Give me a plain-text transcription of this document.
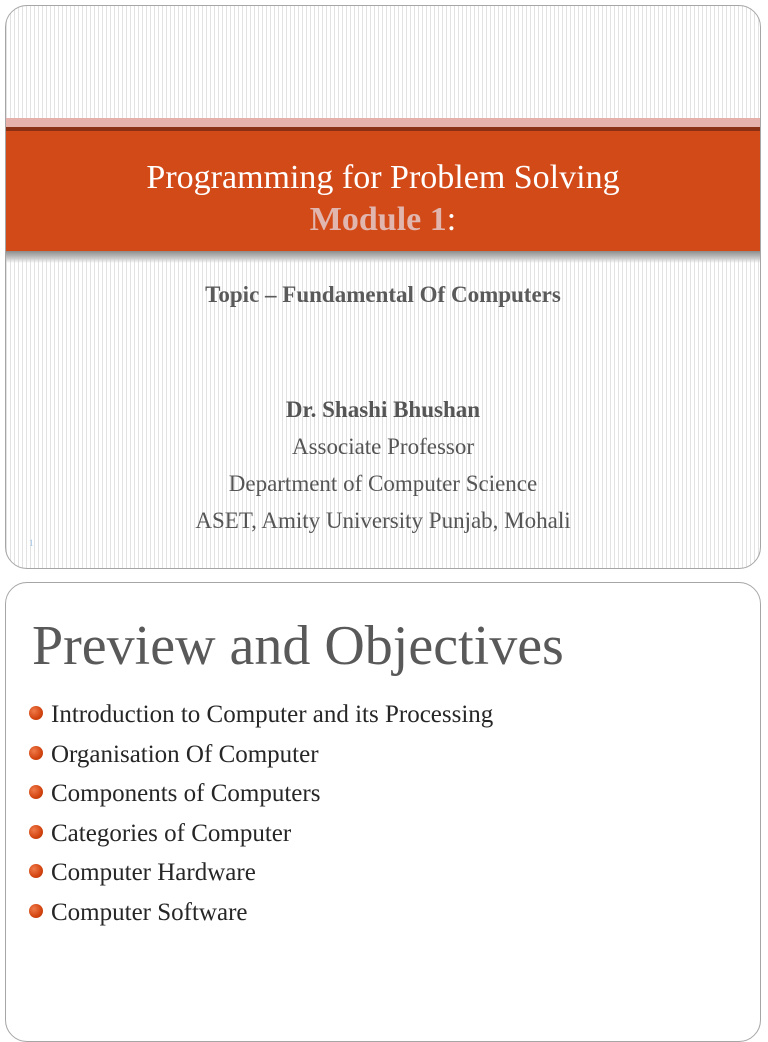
Programming for Problem Solving
Module 1:
Topic – Fundamental Of Computers
Dr. Shashi Bhushan
Associate Professor
Department of Computer Science
ASET, Amity University Punjab, Mohali
1
Preview and Objectives
Introduction to Computer and its Processing
Organisation Of Computer
Components of Computers
Categories of Computer
Computer Hardware
Computer Software
